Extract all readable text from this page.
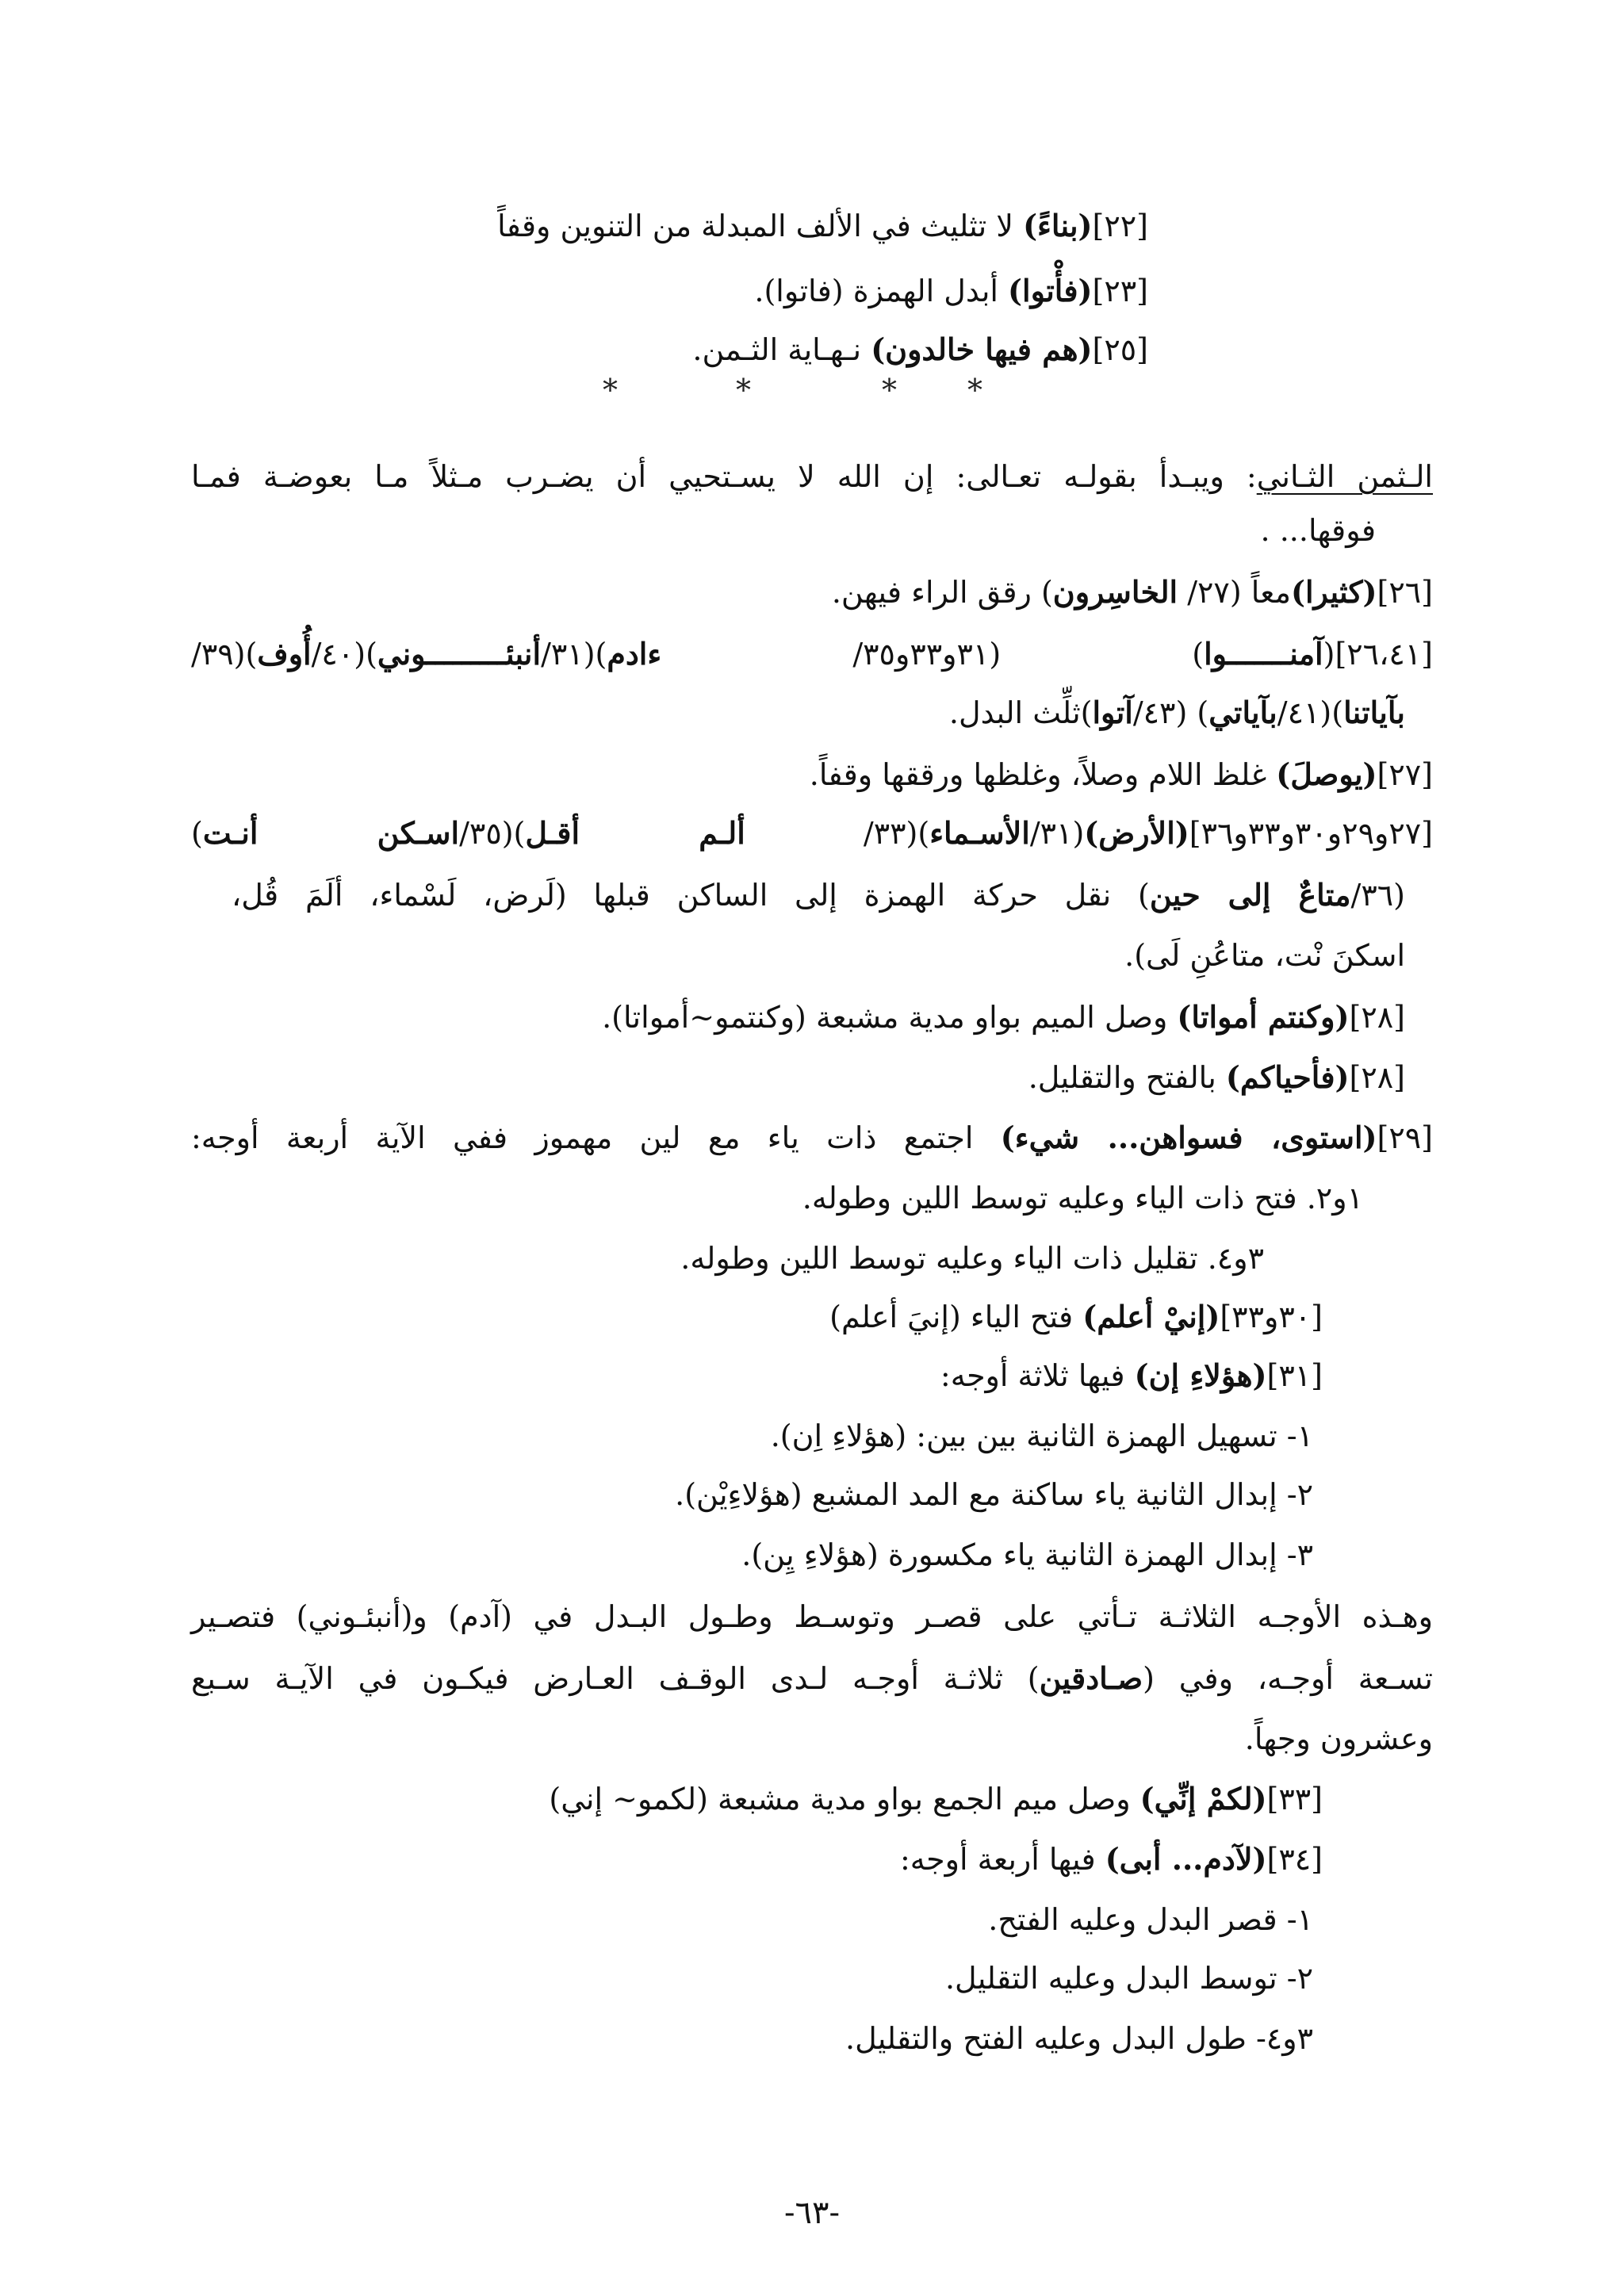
[٢٢](بناءً) لا تثليث في الألف المبدلة من التنوين وقفاً
[٢٣](فأْتوا) أبدل الهمزة (فاتوا).
[٢٥](هم فيها خالدون) نـهـاية الثـمن.
*	*	* *
الـثمن الثـاني: ويبـدأ بقولـه تعـالى: إن الله لا يسـتحيي أن يضـرب مـثلاً مـا بعوضـة فمـا
فوقها... .
[٢٦](كثيرا)معاً (٢٧/ الخاسِرون) رقق الراء فيهن.
[٢٦،٤١](آمنـــــــوا) (٣١و٣٣و٣٥/ ءادم)(٣١/أنبئـــــــــوني)(٤٠/أُوف)(٣٩/
بآياتنا)(٤١/بآياتي) (٤٣/آتوا)ثلِّث البدل.
[٢٧](يوصلَ) غلظ اللام وصلاً، وغلظها ورققها وقفاً.
[٢٧و٢٩و٣٠و٣٣و٣٦](الأرض)(٣١/الأسـماء)(٣٣/ ألـم أقـل)(٣٥/اسـكن أنـت)
(٣٦/متاعٌ إلى حين) نقل حركة الهمزة إلى الساكن قبلها (لَرض، لَسْماء، ألَمَ قُل،
اسكنَ نْت، متاعُنِ لَى).
[٢٨](وكنتم أمواتا) وصل الميم بواو مدية مشبعة (وكنتمو~أمواتا).
[٢٨](فأحياكم) بالفتح والتقليل.
[٢٩](استوى، فسواهن... شيء) اجتمع ذات ياء مع لين مهموز ففي الآية أربعة أوجه:
١و٢. فتح ذات الياء وعليه توسط اللين وطوله.
٣و٤. تقليل ذات الياء وعليه توسط اللين وطوله.
[٣٠و٣٣](إنيْ أعلم) فتح الياء (إنيَ أعلم)
[٣١](هؤلاءِ إن) فيها ثلاثة أوجه:
١- تسهيل الهمزة الثانية بين بين: (هؤلاءِ اِن).
٢- إبدال الثانية ياء ساكنة مع المد المشبع (هؤلاءِيْن).
٣- إبدال الهمزة الثانية ياء مكسورة (هؤلاءِ يِن).
وهـذه الأوجـه الثلاثـة تـأتي على قصـر وتوسـط وطـول البـدل في (آدم) و(أنبئـوني) فتصـير
تسـعة أوجـه، وفي (صـادقين) ثلاثـة أوجـه لـدى الوقـف العـارض فيكـون في الآيـة سـبع
وعشرون وجهاً.
[٣٣](لكمْ إنِّي) وصل ميم الجمع بواو مدية مشبعة (لكمو~ إني)
[٣٤](لآدم... أبى) فيها أربعة أوجه:
١- قصر البدل وعليه الفتح.
٢- توسط البدل وعليه التقليل.
٣و٤- طول البدل وعليه الفتح والتقليل.
-٦٣-
